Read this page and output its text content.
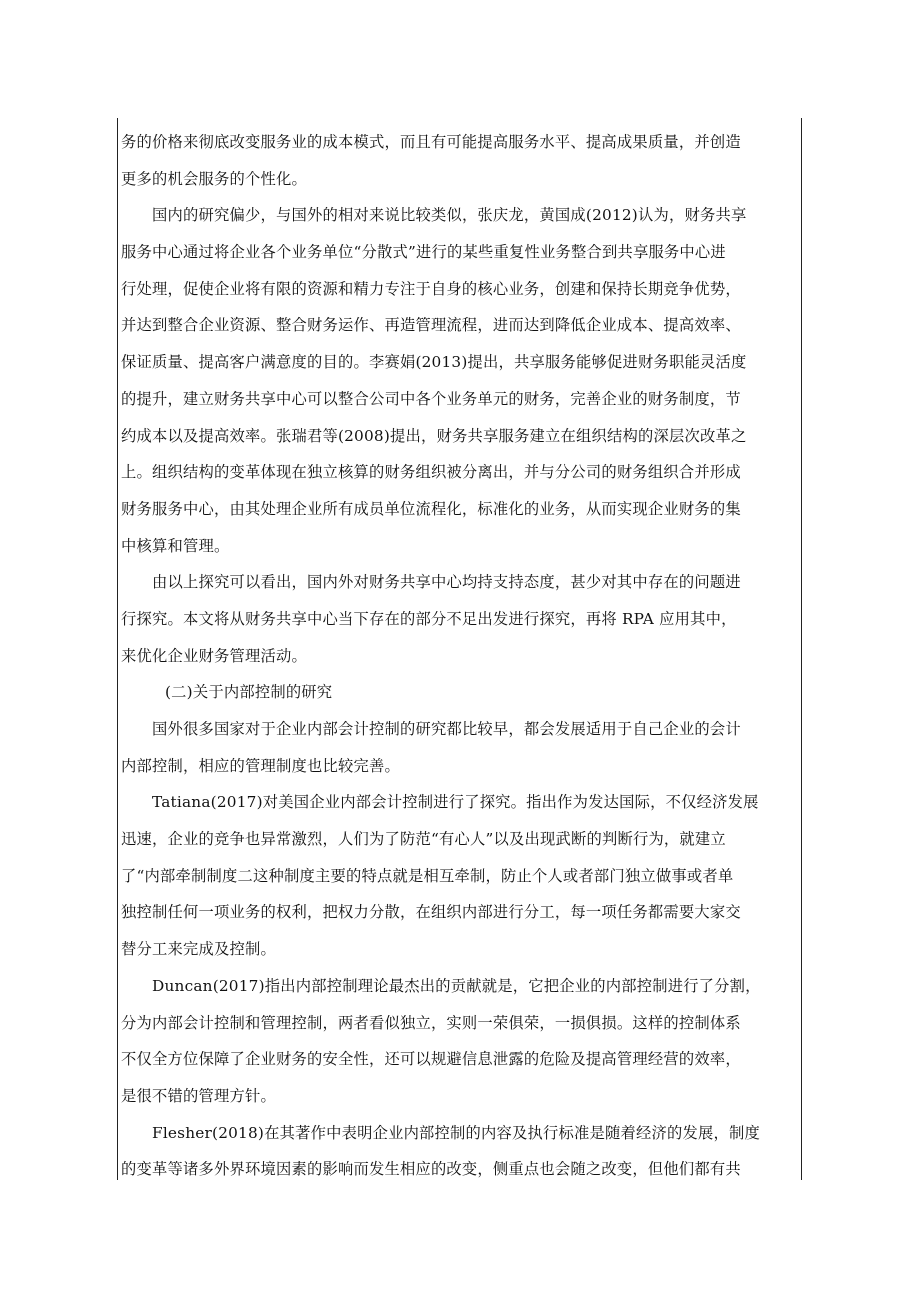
务的价格来彻底改变服务业的成本模式，而且有可能提高服务水平、提高成果质量，并创造
更多的机会服务的个性化。
国内的研究偏少，与国外的相对来说比较类似，张庆龙，黄国成(2012)认为，财务共享
服务中心通过将企业各个业务单位“分散式”进行的某些重复性业务整合到共享服务中心进
行处理，促使企业将有限的资源和精力专注于自身的核心业务，创建和保持长期竞争优势，
并达到整合企业资源、整合财务运作、再造管理流程，进而达到降低企业成本、提高效率、
保证质量、提高客户满意度的目的。李赛娟(2013)提出，共享服务能够促进财务职能灵活度
的提升，建立财务共享中心可以整合公司中各个业务单元的财务，完善企业的财务制度，节
约成本以及提高效率。张瑞君等(2008)提出，财务共享服务建立在组织结构的深层次改革之
上。组织结构的变革体现在独立核算的财务组织被分离出，并与分公司的财务组织合并形成
财务服务中心，由其处理企业所有成员单位流程化，标准化的业务，从而实现企业财务的集
中核算和管理。
由以上探究可以看出，国内外对财务共享中心均持支持态度，甚少对其中存在的问题进
行探究。本文将从财务共享中心当下存在的部分不足出发进行探究，再将 RPA 应用其中，
来优化企业财务管理活动。
(二)关于内部控制的研究
国外很多国家对于企业内部会计控制的研究都比较早，都会发展适用于自己企业的会计
内部控制，相应的管理制度也比较完善。
Tatiana(2017)对美国企业内部会计控制进行了探究。指出作为发达国际，不仅经济发展
迅速，企业的竞争也异常激烈，人们为了防范“有心人”以及出现武断的判断行为，就建立
了“内部牵制制度二这种制度主要的特点就是相互牵制，防止个人或者部门独立做事或者单
独控制任何一项业务的权利，把权力分散，在组织内部进行分工，每一项任务都需要大家交
替分工来完成及控制。
Duncan(2017)指出内部控制理论最杰出的贡献就是，它把企业的内部控制进行了分割，
分为内部会计控制和管理控制，两者看似独立，实则一荣俱荣，一损俱损。这样的控制体系
不仅全方位保障了企业财务的安全性，还可以规避信息泄露的危险及提高管理经营的效率，
是很不错的管理方针。
Flesher(2018)在其著作中表明企业内部控制的内容及执行标准是随着经济的发展，制度
的变革等诸多外界环境因素的影响而发生相应的改变，侧重点也会随之改变，但他们都有共
